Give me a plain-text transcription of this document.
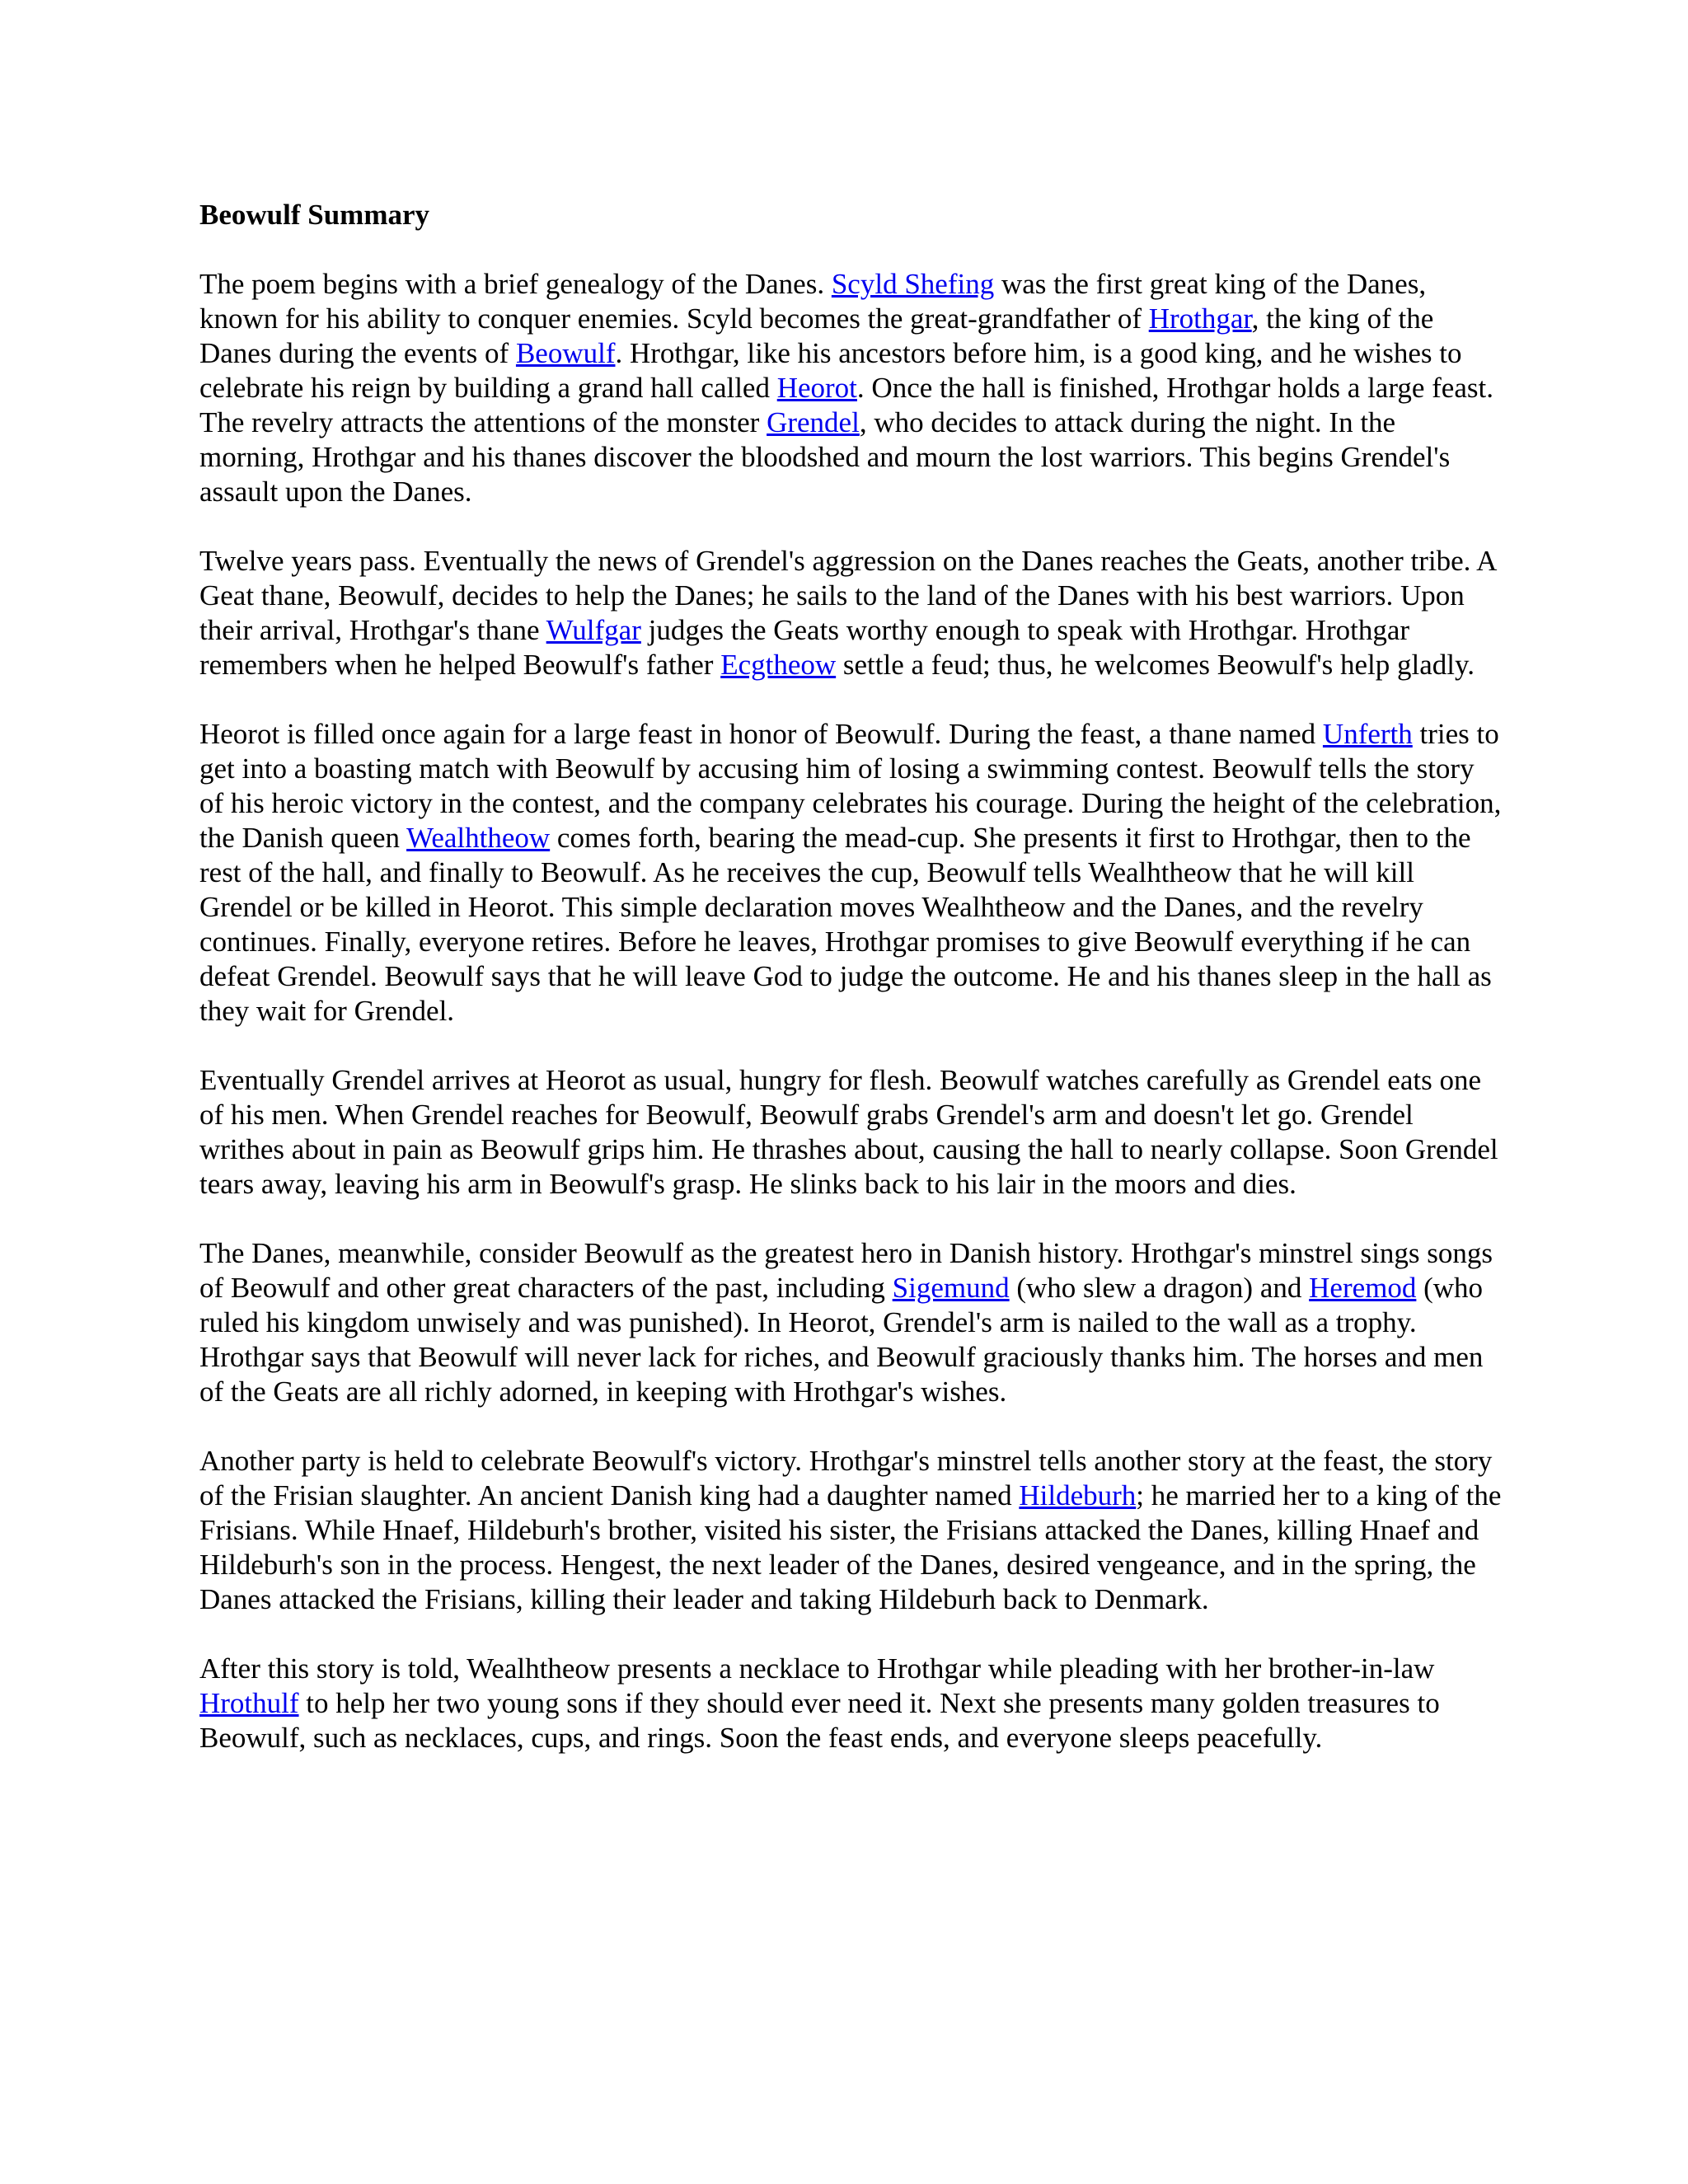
Beowulf Summary

The poem begins with a brief genealogy of the Danes. Scyld Shefing was the first great king of the Danes, known for his ability to conquer enemies. Scyld becomes the great-grandfather of Hrothgar, the king of the Danes during the events of Beowulf. Hrothgar, like his ancestors before him, is a good king, and he wishes to celebrate his reign by building a grand hall called Heorot. Once the hall is finished, Hrothgar holds a large feast. The revelry attracts the attentions of the monster Grendel, who decides to attack during the night. In the morning, Hrothgar and his thanes discover the bloodshed and mourn the lost warriors. This begins Grendel's assault upon the Danes.

Twelve years pass. Eventually the news of Grendel's aggression on the Danes reaches the Geats, another tribe. A Geat thane, Beowulf, decides to help the Danes; he sails to the land of the Danes with his best warriors. Upon their arrival, Hrothgar's thane Wulfgar judges the Geats worthy enough to speak with Hrothgar. Hrothgar remembers when he helped Beowulf's father Ecgtheow settle a feud; thus, he welcomes Beowulf's help gladly.

Heorot is filled once again for a large feast in honor of Beowulf. During the feast, a thane named Unferth tries to get into a boasting match with Beowulf by accusing him of losing a swimming contest. Beowulf tells the story of his heroic victory in the contest, and the company celebrates his courage. During the height of the celebration, the Danish queen Wealhtheow comes forth, bearing the mead-cup. She presents it first to Hrothgar, then to the rest of the hall, and finally to Beowulf. As he receives the cup, Beowulf tells Wealhtheow that he will kill Grendel or be killed in Heorot. This simple declaration moves Wealhtheow and the Danes, and the revelry continues. Finally, everyone retires. Before he leaves, Hrothgar promises to give Beowulf everything if he can defeat Grendel. Beowulf says that he will leave God to judge the outcome. He and his thanes sleep in the hall as they wait for Grendel.

Eventually Grendel arrives at Heorot as usual, hungry for flesh. Beowulf watches carefully as Grendel eats one of his men. When Grendel reaches for Beowulf, Beowulf grabs Grendel's arm and doesn't let go. Grendel writhes about in pain as Beowulf grips him. He thrashes about, causing the hall to nearly collapse. Soon Grendel tears away, leaving his arm in Beowulf's grasp. He slinks back to his lair in the moors and dies.

The Danes, meanwhile, consider Beowulf as the greatest hero in Danish history. Hrothgar's minstrel sings songs of Beowulf and other great characters of the past, including Sigemund (who slew a dragon) and Heremod (who ruled his kingdom unwisely and was punished). In Heorot, Grendel's arm is nailed to the wall as a trophy. Hrothgar says that Beowulf will never lack for riches, and Beowulf graciously thanks him. The horses and men of the Geats are all richly adorned, in keeping with Hrothgar's wishes.

Another party is held to celebrate Beowulf's victory. Hrothgar's minstrel tells another story at the feast, the story of the Frisian slaughter. An ancient Danish king had a daughter named Hildeburh; he married her to a king of the Frisians. While Hnaef, Hildeburh's brother, visited his sister, the Frisians attacked the Danes, killing Hnaef and Hildeburh's son in the process. Hengest, the next leader of the Danes, desired vengeance, and in the spring, the Danes attacked the Frisians, killing their leader and taking Hildeburh back to Denmark.

After this story is told, Wealhtheow presents a necklace to Hrothgar while pleading with her brother-in-law Hrothulf to help her two young sons if they should ever need it. Next she presents many golden treasures to Beowulf, such as necklaces, cups, and rings. Soon the feast ends, and everyone sleeps peacefully.
